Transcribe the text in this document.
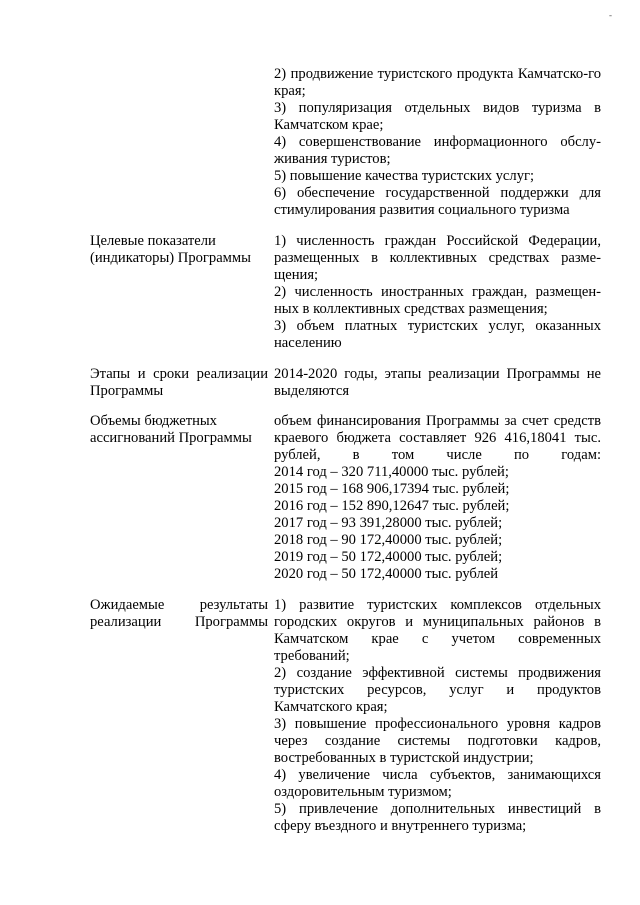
-

2) продвижение туристского продукта Камчатско-го края;

3) популяризация отдельных видов туризма в Камчатском крае;

4) совершенствование информационного обслу-живания туристов;

5) повышение качества туристских услуг;

6) обеспечение государственной поддержки для стимулирования развития социального туризма

Целевые показатели (индикаторы) Программы

1) численность граждан Российской Федерации, размещенных в коллективных средствах разме-щения;

2) численность иностранных граждан, размещен-ных в коллективных средствах размещения;

3) объем платных туристских услуг, оказанных населению

Этапы и сроки реализации Программы

2014-2020 годы, этапы реализации Программы не выделяются

Объемы бюджетных ассигнований Программы

объем финансирования Программы за счет средств краевого бюджета составляет 926 416,18041 тыс. рублей, в том числе по годам:

2014 год – 320 711,40000 тыс. рублей;

2015 год – 168 906,17394 тыс. рублей;

2016 год – 152 890,12647 тыс. рублей;

2017 год – 93 391,28000 тыс. рублей;

2018 год – 90 172,40000 тыс. рублей;

2019 год – 50 172,40000 тыс. рублей;

2020 год – 50 172,40000 тыс. рублей

Ожидаемые результаты реализации Программы

1) развитие туристских комплексов отдельных городских округов и муниципальных районов в Камчатском крае с учетом современных требований;

2) создание эффективной системы продвижения туристских ресурсов, услуг и продуктов Камчатского края;

3) повышение профессионального уровня кадров через создание системы подготовки кадров, востребованных в туристской индустрии;

4) увеличение числа субъектов, занимающихся оздоровительным туризмом;

5) привлечение дополнительных инвестиций в сферу въездного и внутреннего туризма;
